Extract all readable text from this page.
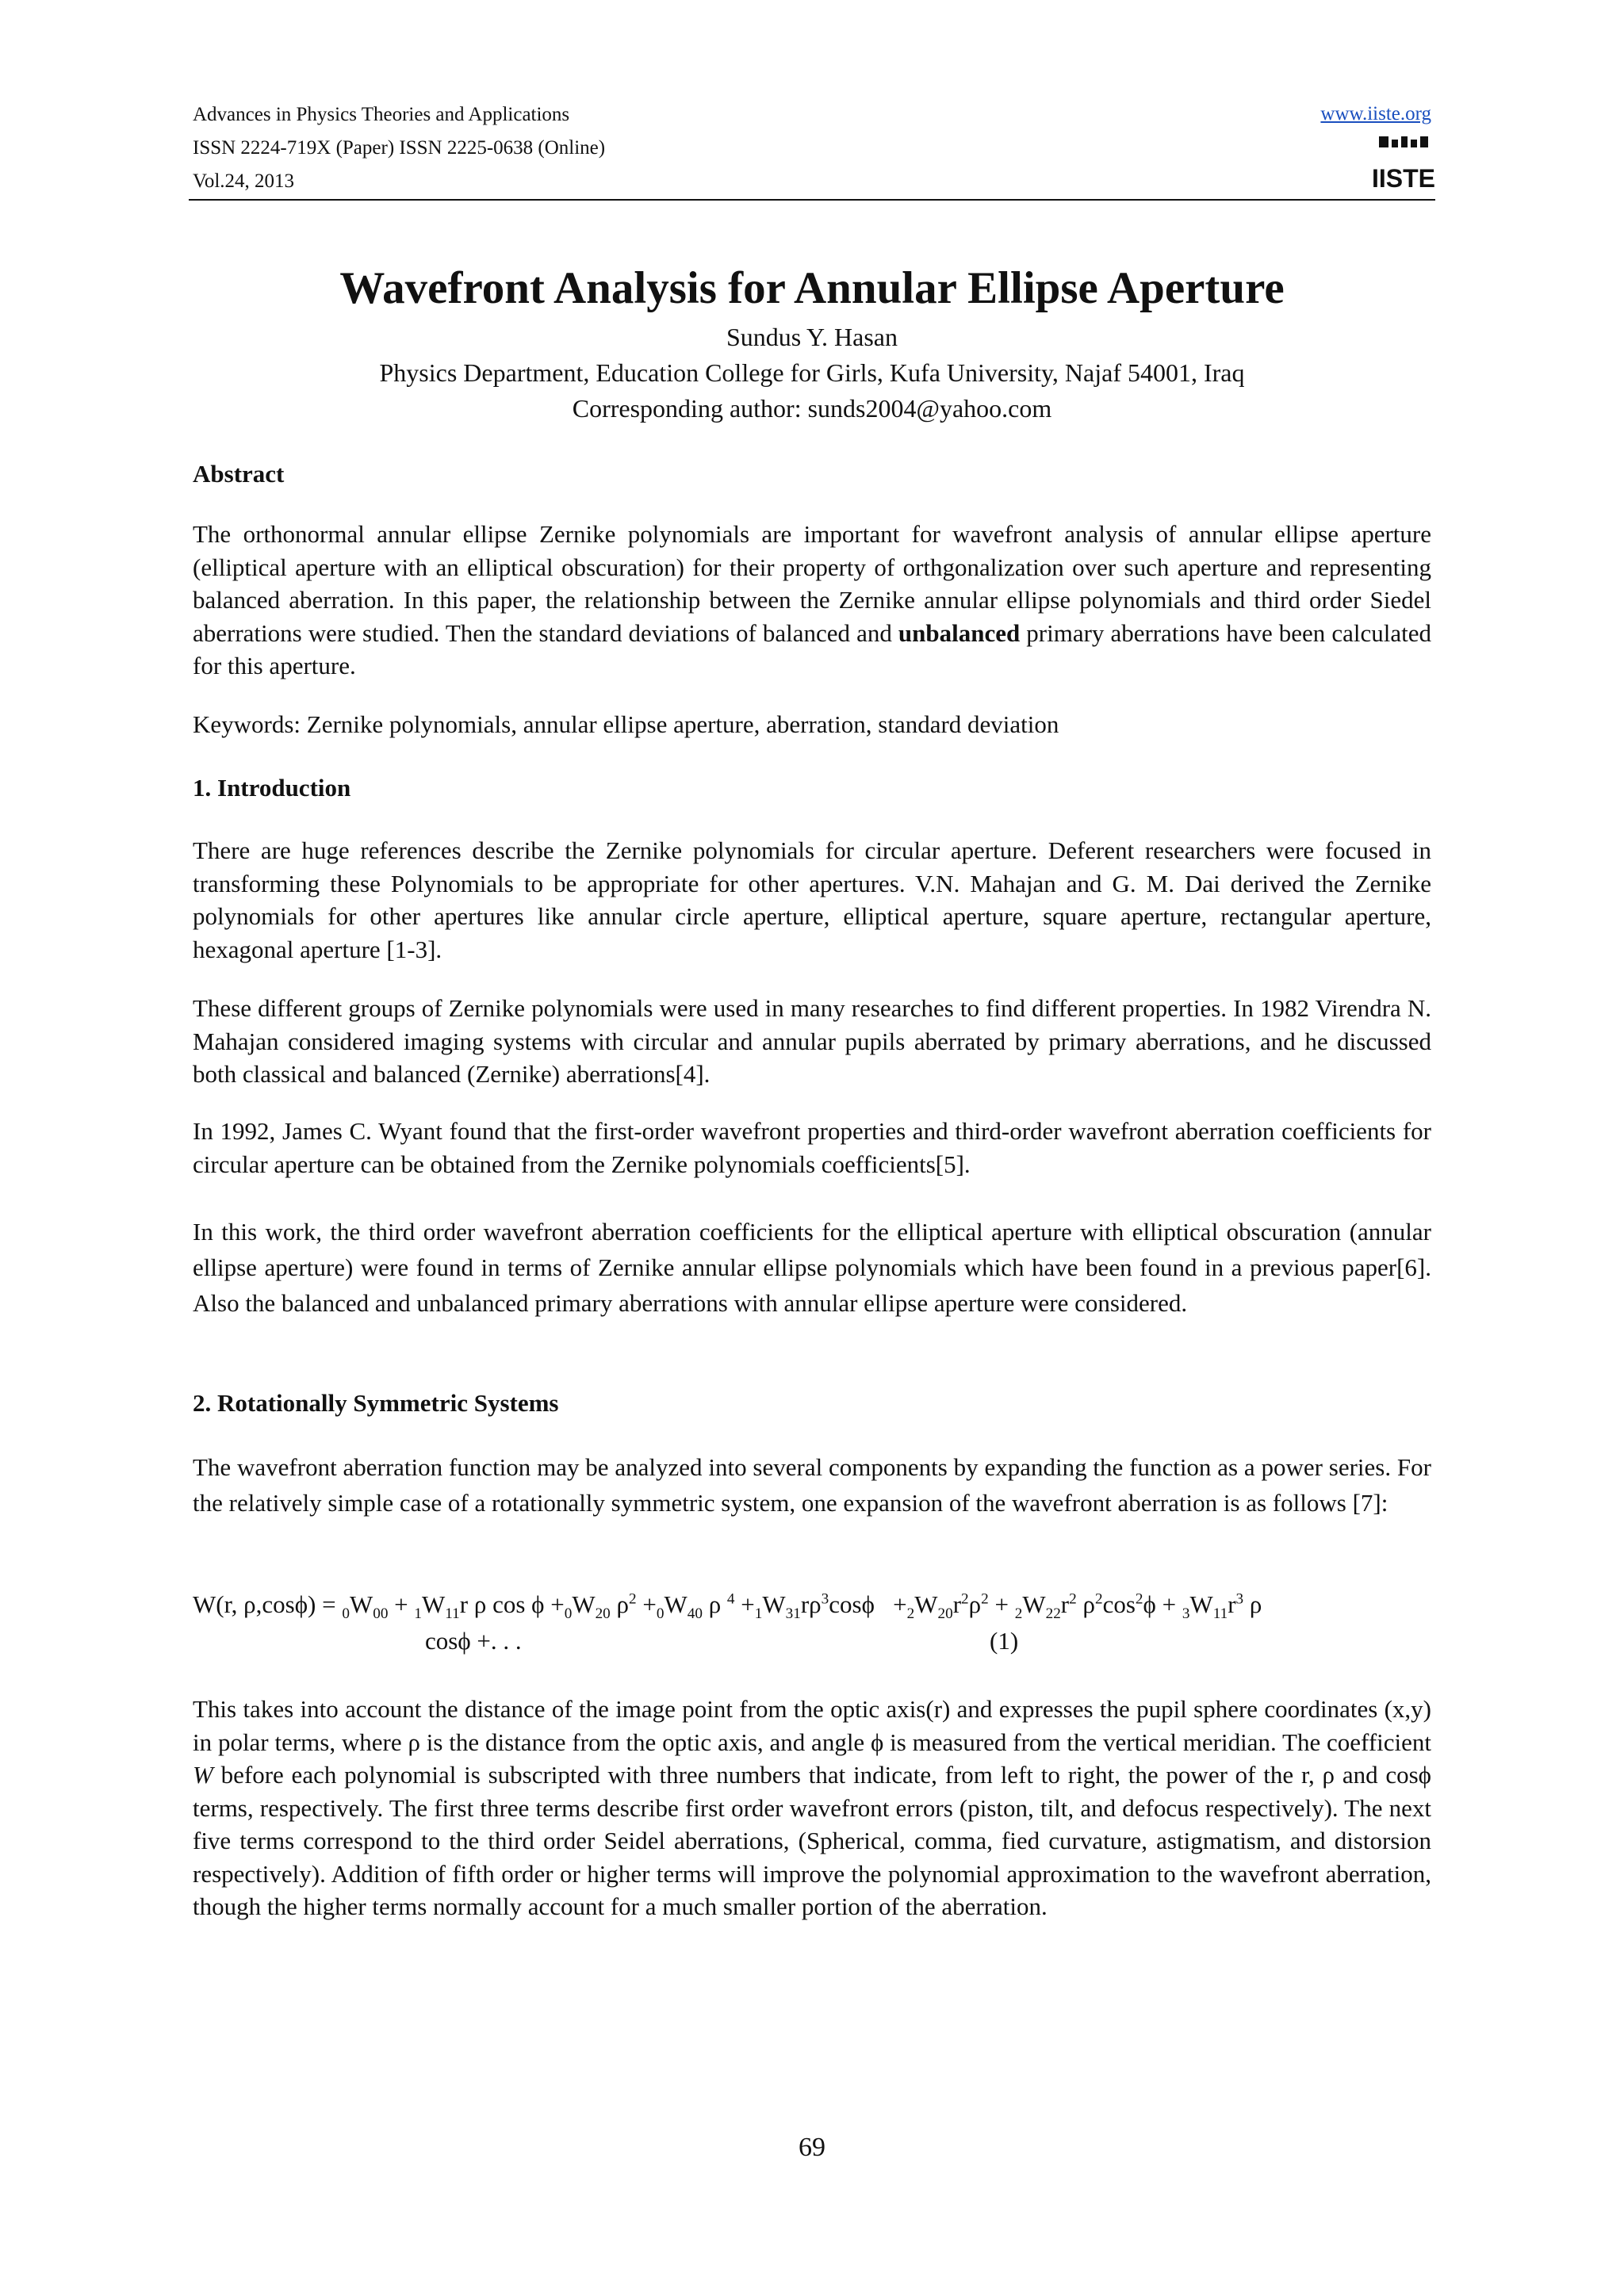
Advances in Physics Theories and Applications
ISSN 2224-719X (Paper) ISSN 2225-0638 (Online)
Vol.24, 2013
www.iiste.org
IISTE
Wavefront Analysis for Annular Ellipse Aperture
Sundus Y. Hasan
Physics Department, Education College for Girls, Kufa University, Najaf 54001, Iraq
Corresponding author: sunds2004@yahoo.com
Abstract
The orthonormal annular ellipse Zernike polynomials are important for wavefront analysis of annular ellipse aperture (elliptical aperture with an elliptical obscuration) for their property of orthgonalization over such aperture and representing balanced aberration. In this paper, the relationship between the Zernike annular ellipse polynomials and third order Siedel aberrations were studied. Then the standard deviations of balanced and unbalanced primary aberrations have been calculated for this aperture.
Keywords: Zernike polynomials, annular ellipse aperture, aberration, standard deviation
1. Introduction
There are huge references describe the Zernike polynomials for circular aperture. Deferent researchers were focused in transforming these Polynomials to be appropriate for other apertures. V.N. Mahajan and G. M. Dai derived the Zernike polynomials for other apertures like annular circle aperture, elliptical aperture, square aperture, rectangular aperture, hexagonal aperture [1-3].
These different groups of Zernike polynomials were used in many researches to find different properties. In 1982 Virendra N. Mahajan considered imaging systems with circular and annular pupils aberrated by primary aberrations, and he discussed both classical and balanced (Zernike) aberrations[4].
In 1992, James C. Wyant found that the first-order wavefront properties and third-order wavefront aberration coefficients for circular aperture can be obtained from the Zernike polynomials coefficients[5].
In this work, the third order wavefront aberration coefficients for the elliptical aperture with elliptical obscuration (annular ellipse aperture) were found in terms of Zernike annular ellipse polynomials which have been found in a previous paper[6]. Also the balanced and unbalanced primary aberrations with annular ellipse aperture were considered.
2. Rotationally Symmetric Systems
The wavefront aberration function may be analyzed into several components by expanding the function as a power series. For the relatively simple case of a rotationally symmetric system, one expansion of the wavefront aberration is as follows [7]:
W(r, $\rho,\cos\phi) = _0W_{00} + _1W_{11}r$ ρ $\cos \phi +_0W_{20}$ $\rho^2 +_0W_{40}$ ρ $^4 +_1W_{31}r\rho^3\cos\phi +_2W_{20}r^2\rho^2 + _2W_{22}r^2$ $\rho^2\cos^2\phi + _3W_{11}r^3$ ρ
cosϕ +. . .	(1)
This takes into account the distance of the image point from the optic axis(r) and expresses the pupil sphere coordinates (x,y) in polar terms, where ρ is the distance from the optic axis, and angle ϕ is measured from the vertical meridian. The coefficient W before each polynomial is subscripted with three numbers that indicate, from left to right, the power of the r, ρ and cosϕ terms, respectively. The first three terms describe first order wavefront errors (piston, tilt, and defocus respectively). The next five terms correspond to the third order Seidel aberrations, (Spherical, comma, fied curvature, astigmatism, and distorsion respectively). Addition of fifth order or higher terms will improve the polynomial approximation to the wavefront aberration, though the higher terms normally account for a much smaller portion of the aberration.
69
